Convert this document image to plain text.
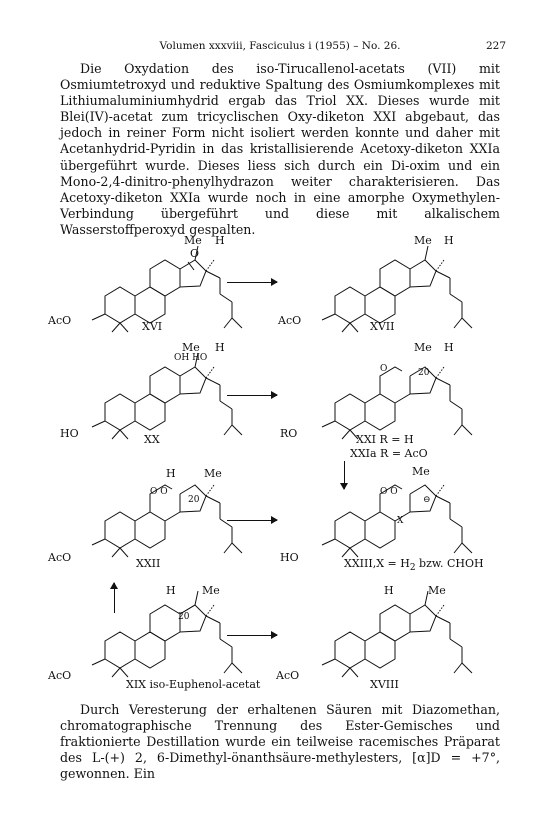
Volumen xxxviii, Fasciculus i (1955) – No. 26.	227
Die Oxydation des iso-Tirucallenol-acetats (VII) mit Osmiumtetroxyd und reduktive Spaltung des Osmiumkomplexes mit Lithiumaluminiumhydrid ergab das Triol XX. Dieses wurde mit Blei(IV)-acetat zum tricyclischen Oxy-diketon XXI abgebaut, das jedoch in reiner Form nicht isoliert werden konnte und daher mit Acetanhydrid-Pyridin in das kristallisierende Acetoxy-diketon XXIa übergeführt wurde. Dieses liess sich durch ein Di-oxim und ein Mono-2,4-dinitro-phenylhydrazon weiter charakterisieren. Das Acetoxy-diketon XXIa wurde noch in eine amorphe Oxymethylen-Verbindung übergeführt und diese mit alkalischem Wasserstoffperoxyd gespalten.
Me H
O
AcO	XVI
Me H
AcO	XVII
Me H
OH HO
HO	XX
Me H
O	20
RO	XXI R = H
XXIa R = AcO
H	Me
O O
20
AcO	XXII
Me
O O
⊖
X
HO	XXIII,X = $H_2$ bzw. CHOH
H Me
20
AcO
XIX iso-Euphenol-acetat
H	Me
AcO
XVIII
Durch Veresterung der erhaltenen Säuren mit Diazomethan, chromatographische Trennung des Ester-Gemisches und fraktionierte Destillation wurde ein teilweise racemisches Präparat des L-(+) 2, 6-Dimethyl-önanthsäure-methylesters, [α]D = +7°, gewonnen. Ein
